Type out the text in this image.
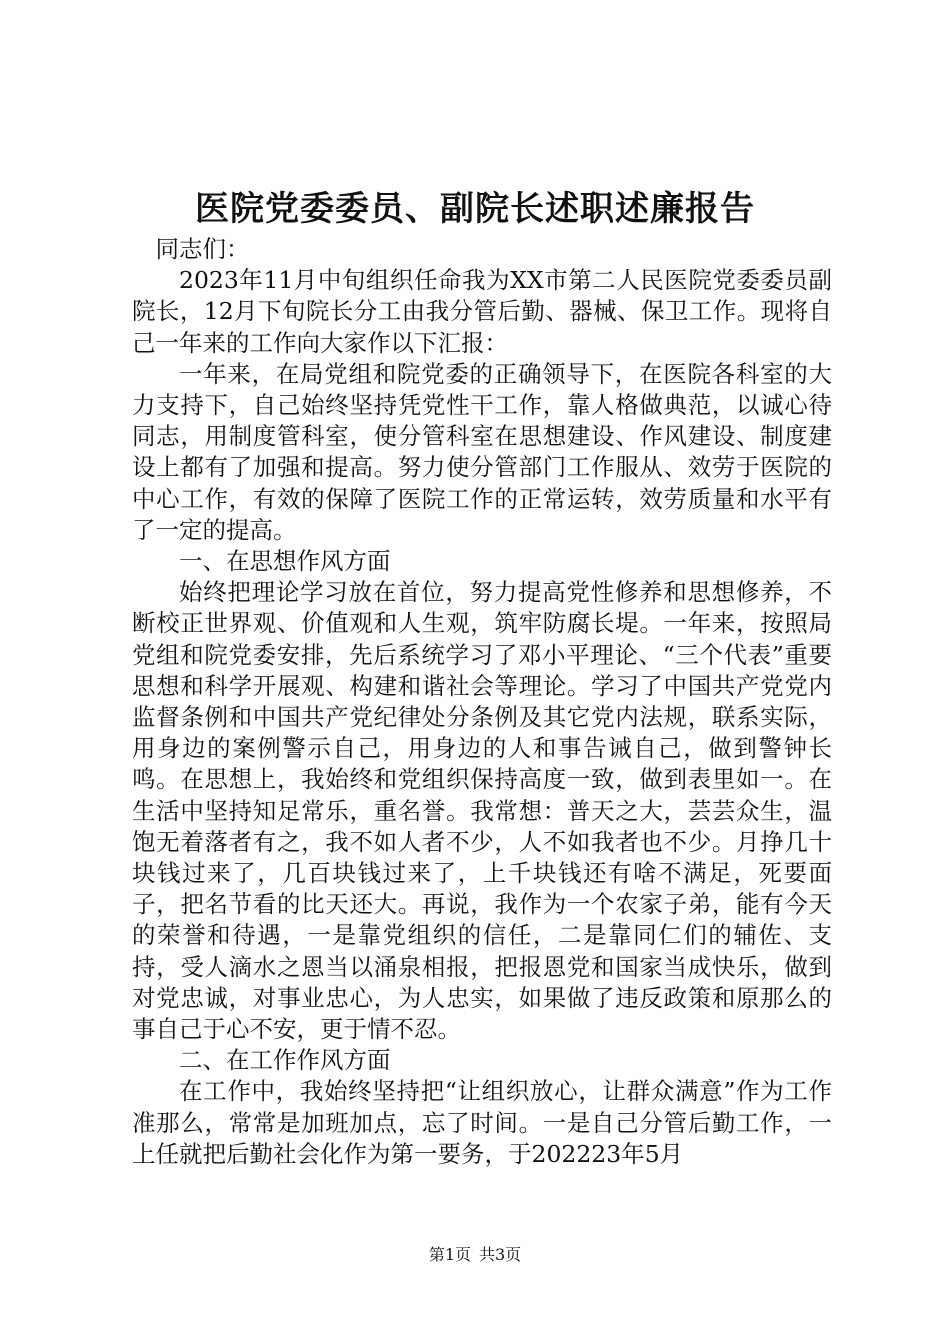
医院党委委员、副院长述职述廉报告

同志们：

2023年11月中旬组织任命我为XX市第二人民医院党委委员副院长，12月下旬院长分工由我分管后勤、器械、保卫工作。现将自己一年来的工作向大家作以下汇报：

一年来，在局党组和院党委的正确领导下，在医院各科室的大力支持下，自己始终坚持凭党性干工作，靠人格做典范，以诚心待同志，用制度管科室，使分管科室在思想建设、作风建设、制度建设上都有了加强和提高。努力使分管部门工作服从、效劳于医院的中心工作，有效的保障了医院工作的正常运转，效劳质量和水平有了一定的提高。

一、在思想作风方面

始终把理论学习放在首位，努力提高党性修养和思想修养，不断校正世界观、价值观和人生观，筑牢防腐长堤。一年来，按照局党组和院党委安排，先后系统学习了邓小平理论、“三个代表”重要思想和科学开展观、构建和谐社会等理论。学习了中国共产党党内监督条例和中国共产党纪律处分条例及其它党内法规，联系实际，用身边的案例警示自己，用身边的人和事告诫自己，做到警钟长鸣。在思想上，我始终和党组织保持高度一致，做到表里如一。在生活中坚持知足常乐，重名誉。我常想：普天之大，芸芸众生，温饱无着落者有之，我不如人者不少，人不如我者也不少。月挣几十块钱过来了，几百块钱过来了，上千块钱还有啥不满足，死要面子，把名节看的比天还大。再说，我作为一个农家子弟，能有今天的荣誉和待遇，一是靠党组织的信任，二是靠同仁们的辅佐、支持，受人滴水之恩当以涌泉相报，把报恩党和国家当成快乐，做到对党忠诚，对事业忠心，为人忠实，如果做了违反政策和原那么的事自己于心不安，更于情不忍。

二、在工作作风方面

在工作中，我始终坚持把“让组织放心，让群众满意”作为工作准那么，常常是加班加点，忘了时间。一是自己分管后勤工作，一上任就把后勤社会化作为第一要务，于202223年5月

第1页  共3页
